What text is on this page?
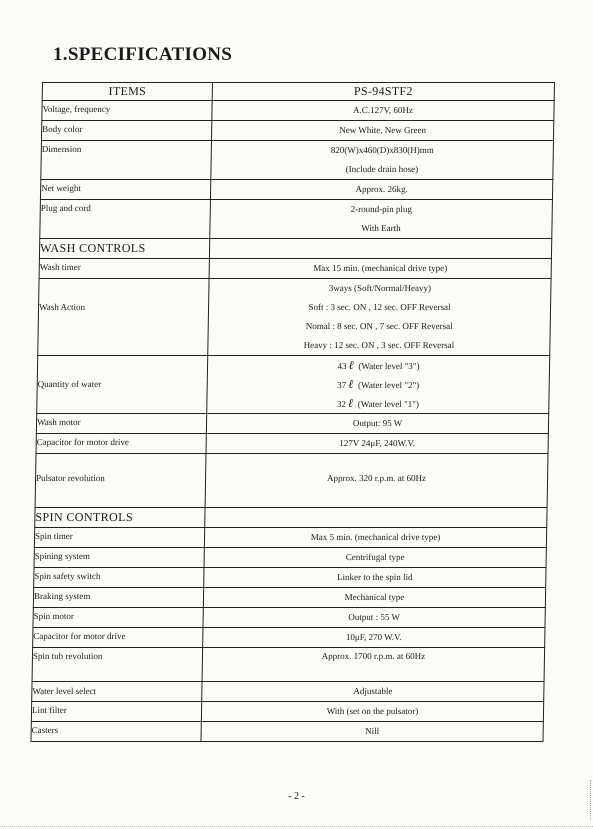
1.SPECIFICATIONS
ITEMS	PS-94STF2
Voltage, frequency	A.C.127V, 60Hz
Body color	New White, New Green
Dimension	820(W)x460(D)x830(H)mm
(Include drain hose)

Net weight	Approx. 26kg.
Plug and cord	2-round-pin plug
With Earth

WASH CONTROLS	
Wash timer	Max 15 min. (mechanical drive type)
Wash Action	3ways (Soft/Normal/Heavy)
Soft : 3 sec. ON , 12 sec. OFF Reversal
Nomal : 8 sec. ON , 7 sec. OFF Reversal
Heavy : 12 sec. ON , 3 sec. OFF Reversal

Quantity of water	43 ℓ (Water level "3")
37 ℓ (Water level "2")
32 ℓ (Water level "1")

Wash motor	Output: 95 W
Capacitor for motor drive	127V 24μF, 240W.V.
Pulsator revolution	Approx. 320 r.p.m. at 60Hz
SPIN CONTROLS	
Spin timer	Max 5 min. (mechanical drive type)
Spining system	Centrifugal type
Spin safety switch	Linker to the spin lid
Braking system	Mechanical type
Spin motor	Output : 55 W
Capacitor for motor drive	10μF, 270 W.V.
Spin tub revolution	Approx. 1700 r.p.m. at 60Hz
Water level select	Adjustable
Lint filter	With (set on the pulsator)
Casters	Nill
- 2 -
